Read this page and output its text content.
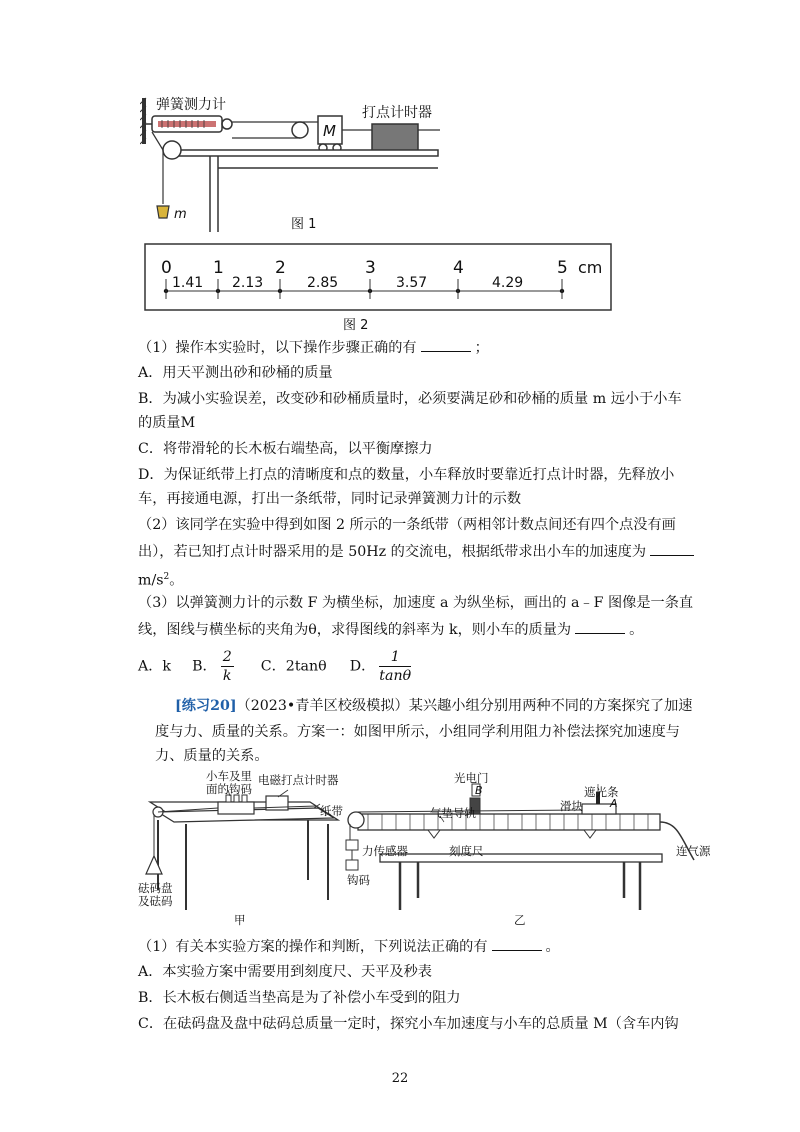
M
m
弹簧测力计	打点计时器
图 1
0 1	2	3	4	5 cm
1.41 2.13	2.85	3.57	4.29
图 2
（1）操作本实验时，以下操作步骤正确的有	；
A．用天平测出砂和砂桶的质量
B．为减小实验误差，改变砂和砂桶质量时，必须要满足砂和砂桶的质量 m 远小于小车
的质量M
C．将带滑轮的长木板右端垫高，以平衡摩擦力
D．为保证纸带上打点的清晰度和点的数量，小车释放时要靠近打点计时器，先释放小
车，再接通电源，打出一条纸带，同时记录弹簧测力计的示数
（2）该同学在实验中得到如图 2 所示的一条纸带（两相邻计数点间还有四个点没有画
出），若已知打点计时器采用的是 50Hz 的交流电，根据纸带求出小车的加速度为
$m/s^2$。
（3）以弹簧测力计的示数 F 为横坐标，加速度 a 为纵坐标，画出的 a﹣F 图像是一条直
线，图线与横坐标的夹角为θ，求得图线的斜率为 k，则小车的质量为	。
A．k B． $\frac{2}{k}$ C．2tanθ D． $\frac{1}{\tan\theta}$
[练习20]（2023•青羊区校级模拟）某兴趣小组分别用两种不同的方案探究了加速
度与力、质量的关系。方案一：如图甲所示，小组同学利用阻力补偿法探究加速度与
力、质量的关系。
小车及里
面的钩码
电磁打点计时器
纸带
砝码盘
及砝码
甲
光电门
B
气垫导轨
遮光条
A
滑块
力传感器	刻度尺
钩码
连气源
乙
（1）有关本实验方案的操作和判断，下列说法正确的有	。
A．本实验方案中需要用到刻度尺、天平及秒表
B．长木板右侧适当垫高是为了补偿小车受到的阻力
C．在砝码盘及盘中砝码总质量一定时，探究小车加速度与小车的总质量 M（含车内钩
22
